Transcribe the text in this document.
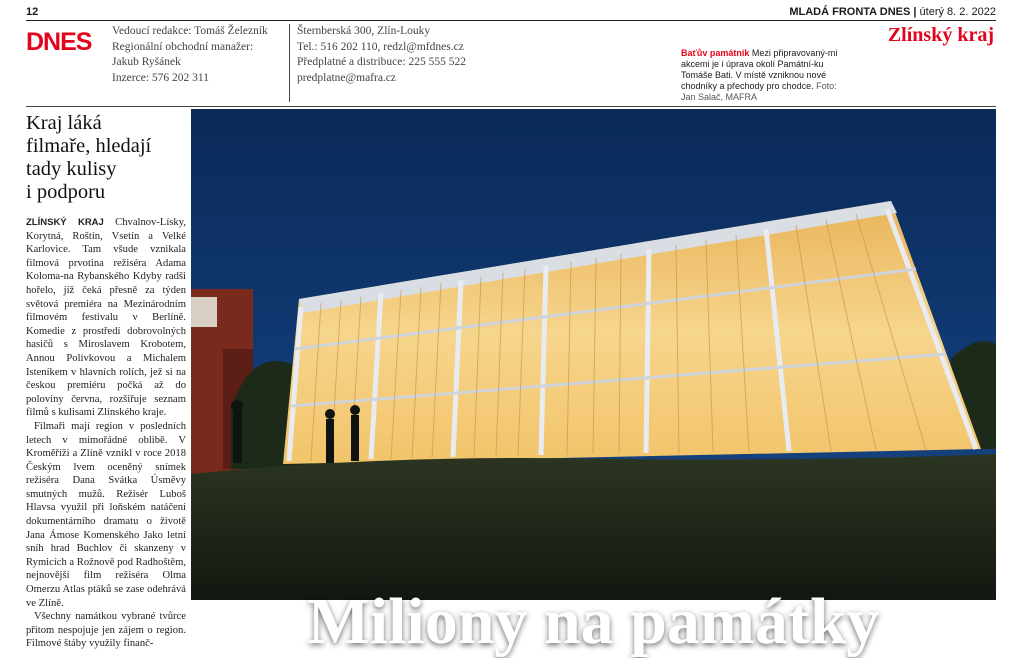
12	MLADÁ FRONTA DNES | úterý 8. 2. 2022
DNES Vedoucí redakce: Tomáš Železník
Regionální obchodní manažer:
Jakub Ryšánek
Inzerce: 576 202 311
Šternberská 300, Zlín-Louky
Tel.: 516 202 110, redzl@mfdnes.cz
Předplatné a distribuce: 225 555 522
predplatne@mafra.cz
Baťův památník Mezi připravovaný-mi akcemi je i úprava okolí Památní-ku Tomáše Bati. V místě vzniknou nové chodníky a přechody pro chodce. Foto: Jan Salač, MAFRA
Zlínský kraj
Kraj láká
filmaře, hledají
tady kulisy
i podporu

ZLÍNSKÝ KRAJ Chvalnov-Lísky, Korytná, Roštín, Vsetín a Velké Karlovice. Tam všude vznikala filmová prvotina režiséra Adama Koloma-na Rybanského Kdyby radši hořelo, jíž čeká přesně za týden světová premiéra na Mezinárodním filmovém festivalu v Berlíně. Komedie z prostředí dobrovolných hasičů s Miroslavem Krobotem, Annou Polívkovou a Michalem Isteníkem v hlavních rolích, jež si na českou premiéru počká až do poloviny června, rozšiřuje seznam filmů s kulisami Zlínského kraje.

Filmaři mají region v posledních letech v mimořádné oblibě. V Kroměříži a Zlíně vznikl v roce 2018 Českým lvem oceněný snímek režiséra Dana Svátka Úsměvy smutných mužů. Režisér Luboš Hlavsa využil při loňském natáčení dokumentárního dramatu o životě Jana Ámose Komenského Jako letní sníh hrad Buchlov či skanzeny v Rymicích a Rožnově pod Radhoštěm, nejnovější film režiséra Olma Omerzu Atlas ptáků se zase odehrává ve Zlíně.

Všechny namátkou vybrané tvůrce přitom nespojuje jen zájem o region. Filmové štáby využily finanč-	Miliony na památky
